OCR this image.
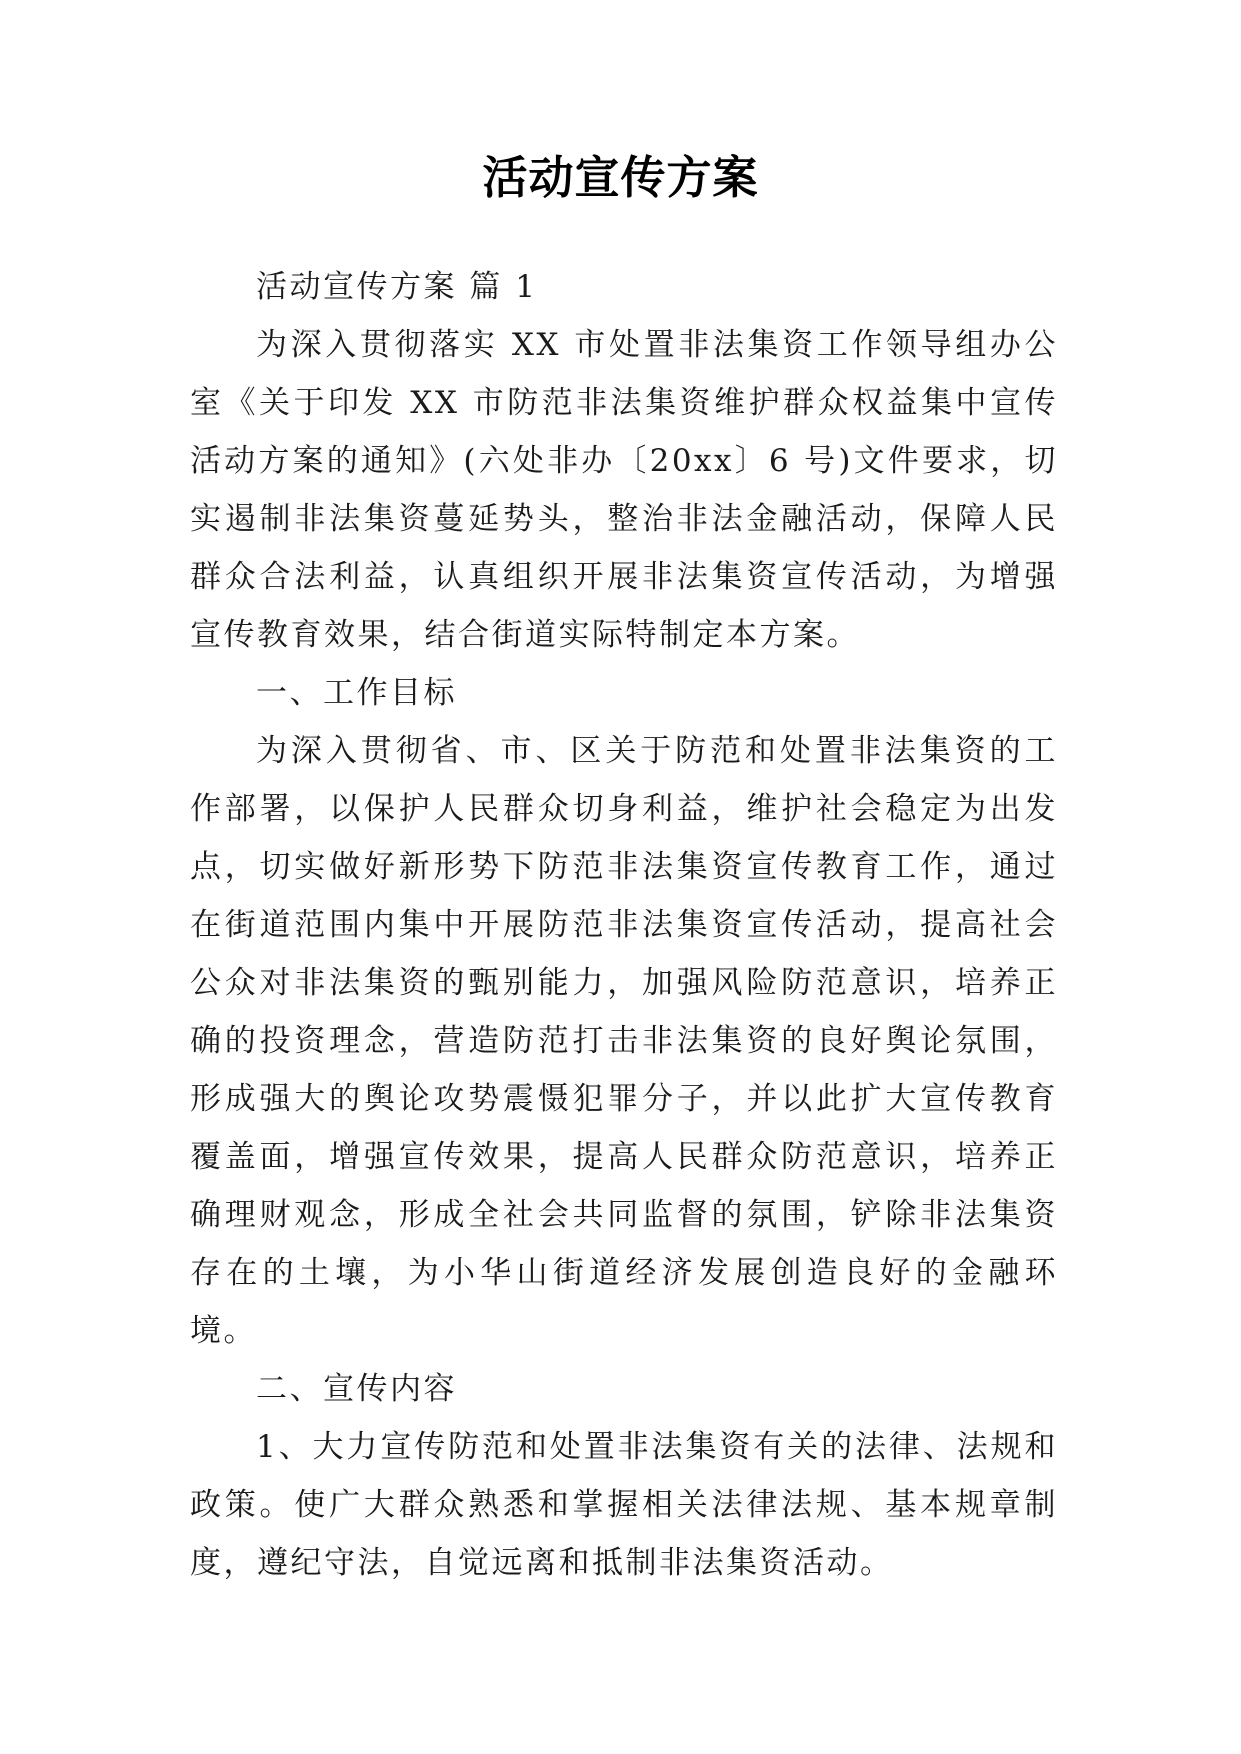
活动宣传方案

活动宣传方案 篇 1

为深入贯彻落实 XX 市处置非法集资工作领导组办公室《关于印发 XX 市防范非法集资维护群众权益集中宣传活动方案的通知》(六处非办〔20xx〕6 号)文件要求，切实遏制非法集资蔓延势头，整治非法金融活动，保障人民群众合法利益，认真组织开展非法集资宣传活动，为增强宣传教育效果，结合街道实际特制定本方案。

一、工作目标

为深入贯彻省、市、区关于防范和处置非法集资的工作部署，以保护人民群众切身利益，维护社会稳定为出发点，切实做好新形势下防范非法集资宣传教育工作，通过在街道范围内集中开展防范非法集资宣传活动，提高社会公众对非法集资的甄别能力，加强风险防范意识，培养正确的投资理念，营造防范打击非法集资的良好舆论氛围，形成强大的舆论攻势震慑犯罪分子，并以此扩大宣传教育覆盖面，增强宣传效果，提高人民群众防范意识，培养正确理财观念，形成全社会共同监督的氛围，铲除非法集资存在的土壤，为小华山街道经济发展创造良好的金融环境。

二、宣传内容

1、大力宣传防范和处置非法集资有关的法律、法规和政策。使广大群众熟悉和掌握相关法律法规、基本规章制度，遵纪守法，自觉远离和抵制非法集资活动。
